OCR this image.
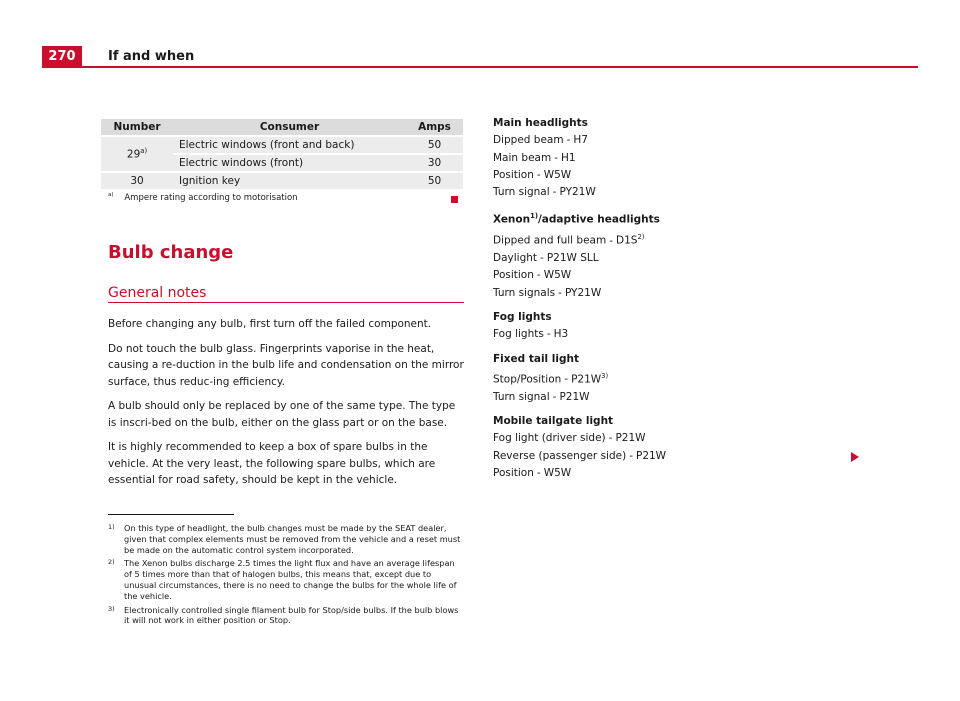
270	If and when
Number	Consumer	Amps
29$^{a)}$	Electric windows (front and back)	50
	Electric windows (front)	30
30	Ignition key	50
$^{a)}$ Ampere rating according to motorisation
Bulb change
General notes

Before changing any bulb, first turn off the failed component.

Do not touch the bulb glass. Fingerprints vaporise in the heat, causing a re-duction in the bulb life and condensation on the mirror surface, thus reduc-ing efficiency.

A bulb should only be replaced by one of the same type. The type is inscri-bed on the bulb, either on the glass part or on the base.

It is highly recommended to keep a box of spare bulbs in the vehicle. At the very least, the following spare bulbs, which are essential for road safety, should be kept in the vehicle.

Main headlights
Dipped beam - H7
Main beam - H1
Position - W5W
Turn signal - PY21W
Xenon$^{1)}$/adaptive headlights
Dipped and full beam - $D1S^{2)}$
Daylight - P21W SLL
Position - W5W
Turn signals - PY21W
Fog lights
Fog lights - H3
Fixed tail light
Stop/Position - $P21W^{3)}$
Turn signal - P21W
Mobile tailgate light
Fog light (driver side) - P21W
Reverse (passenger side) - P21W
Position - W5W
1)	On this type of headlight, the bulb changes must be made by the SEAT dealer, given that complex elements must be removed from the vehicle and a reset must be made on the automatic control system incorporated.
2)	The Xenon bulbs discharge 2.5 times the light flux and have an average lifespan of 5 times more than that of halogen bulbs, this means that, except due to unusual circumstances, there is no need to change the bulbs for the whole life of the vehicle.
3)	Electronically controlled single filament bulb for Stop/side bulbs. If the bulb blows it will not work in either position or Stop.
